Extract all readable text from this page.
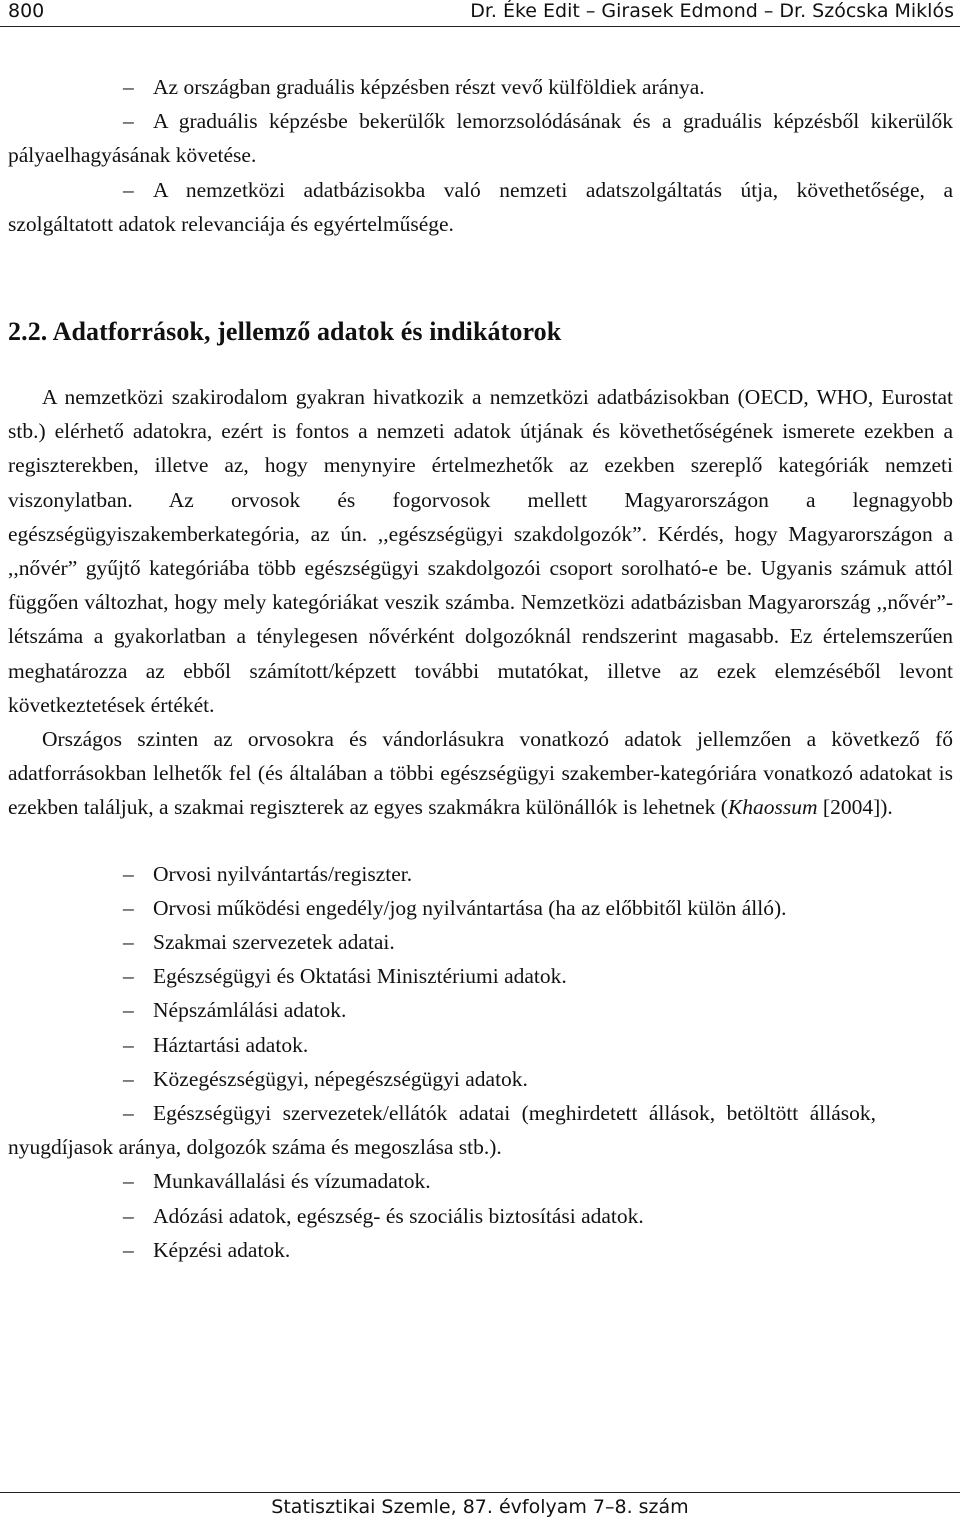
800	Dr. Éke Edit – Girasek Edmond – Dr. Szócska Miklós
–Az országban graduális képzésben részt vevő külföldiek aránya.
–A graduális képzésbe bekerülők lemorzsolódásának és a graduális képzésből kikerülők pályaelhagyásának követése.
–A nemzetközi adatbázisokba való nemzeti adatszolgáltatás útja, követhetősége, a szolgáltatott adatok relevanciája és egyértelműsége.
2.2. Adatforrások, jellemző adatok és indikátorok

A nemzetközi szakirodalom gyakran hivatkozik a nemzetközi adatbázisokban (OECD, WHO, Eurostat stb.) elérhető adatokra, ezért is fontos a nemzeti adatok útjának és követhetőségének ismerete ezekben a regiszterekben, illetve az, hogy menynyire értelmezhetők az ezekben szereplő kategóriák nemzeti viszonylatban. Az orvosok és fogorvosok mellett Magyarországon a legnagyobb egészségügyiszakemberkategória, az ún. ,,egészségügyi szakdolgozók”. Kérdés, hogy Magyarországon a ,,nővér” gyűjtő kategóriába több egészségügyi szakdolgozói csoport sorolható-e be. Ugyanis számuk attól függően változhat, hogy mely kategóriákat veszik számba. Nemzetközi adatbázisban Magyarország ,,nővér”-létszáma a gyakorlatban a ténylegesen nővérként dolgozóknál rendszerint magasabb. Ez értelemszerűen meghatározza az ebből számított/képzett további mutatókat, illetve az ezek elemzéséből levont következtetések értékét.

Országos szinten az orvosokra és vándorlásukra vonatkozó adatok jellemzően a következő fő adatforrásokban lelhetők fel (és általában a többi egészségügyi szakember-kategóriára vonatkozó adatokat is ezekben találjuk, a szakmai regiszterek az egyes szakmákra különállók is lehetnek (Khaossum [2004]).

–Orvosi nyilvántartás/regiszter.
–Orvosi működési engedély/jog nyilvántartása (ha az előbbitől külön álló).
–Szakmai szervezetek adatai.
–Egészségügyi és Oktatási Minisztériumi adatok.
–Népszámlálási adatok.
–Háztartási adatok.
–Közegészségügyi, népegészségügyi adatok.
–Egészségügyi szervezetek/ellátók adatai (meghirdetett állások, betöltött állások, nyugdíjasok aránya, dolgozók száma és megoszlása stb.).
–Munkavállalási és vízumadatok.
–Adózási adatok, egészség- és szociális biztosítási adatok.
–Képzési adatok.
Statisztikai Szemle, 87. évfolyam 7–8. szám
